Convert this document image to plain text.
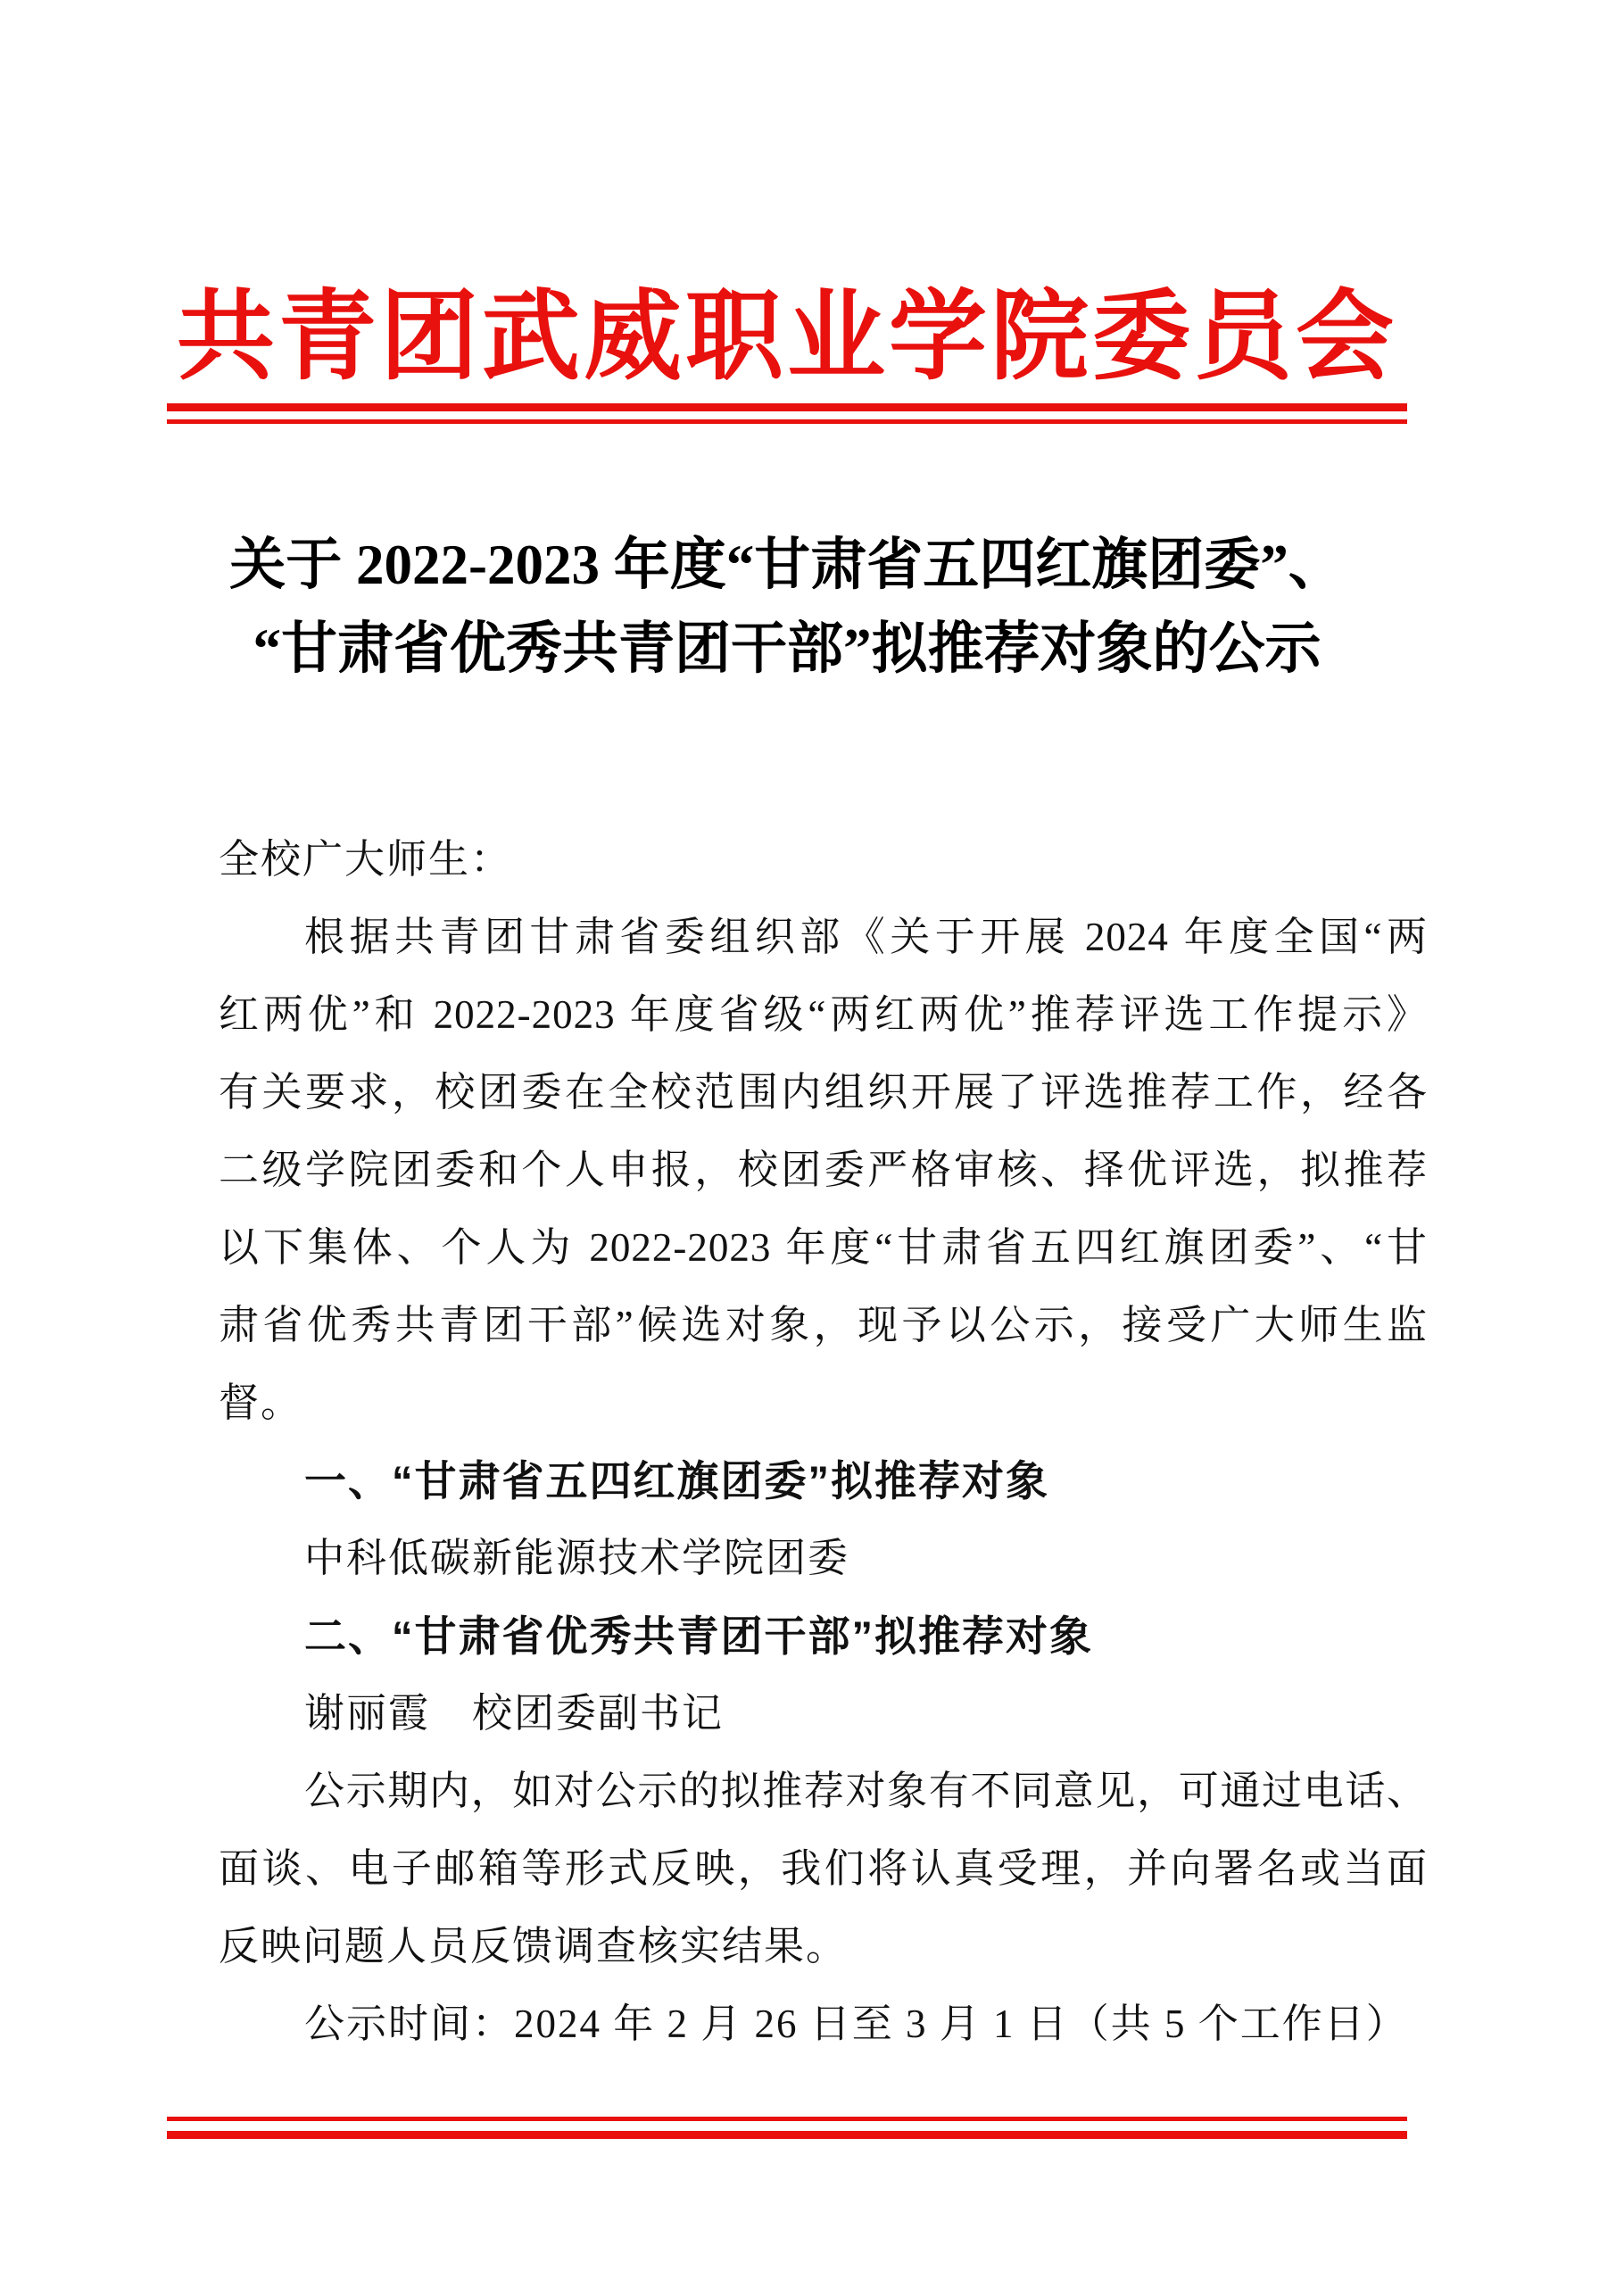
共青团武威职业学院委员会
关于 2022-2023 年度“甘肃省五四红旗团委”、
“甘肃省优秀共青团干部”拟推荐对象的公示
全校广大师生：
根据共青团甘肃省委组织部《关于开展 2024 年度全国“两
红两优”和 2022-2023 年度省级“两红两优”推荐评选工作提示》
有关要求，校团委在全校范围内组织开展了评选推荐工作，经各
二级学院团委和个人申报，校团委严格审核、择优评选，拟推荐
以下集体、个人为 2022-2023 年度“甘肃省五四红旗团委”、“甘
肃省优秀共青团干部”候选对象，现予以公示，接受广大师生监
督。
一、“甘肃省五四红旗团委”拟推荐对象
中科低碳新能源技术学院团委
二、“甘肃省优秀共青团干部”拟推荐对象
谢丽霞　校团委副书记
公示期内，如对公示的拟推荐对象有不同意见，可通过电话、
面谈、电子邮箱等形式反映，我们将认真受理，并向署名或当面
反映问题人员反馈调查核实结果。
公示时间：2024 年 2 月 26 日至 3 月 1 日（共 5 个工作日）
